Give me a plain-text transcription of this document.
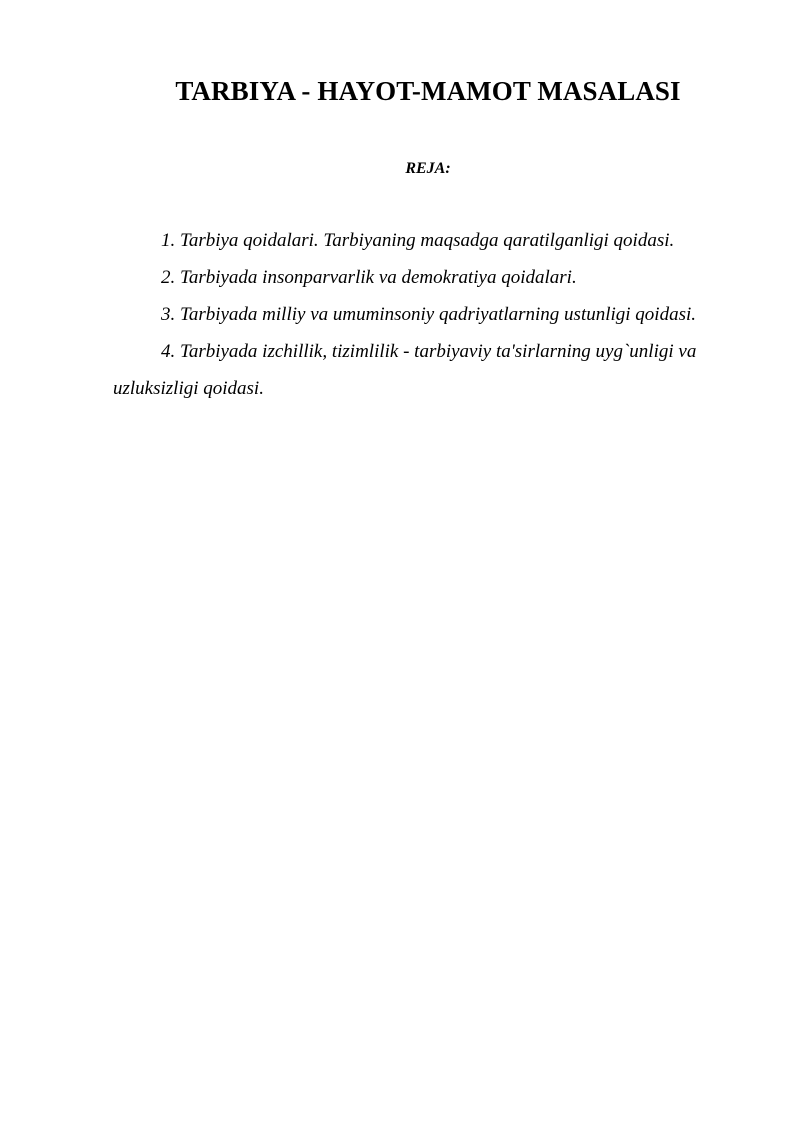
TARBIYA - HAYOT-MAMOT MASALASI
REJA:
1. Tarbiya qoidalari. Tarbiyaning maqsadga qaratilganligi qoidasi.
2. Tarbiyada insonparvarlik va demokratiya qoidalari.
3. Tarbiyada milliy va umuminsoniy qadriyatlarning ustunligi qoidasi.
4. Tarbiyada izchillik, tizimlilik - tarbiyaviy ta'sirlarning uyg`unligi va uzluksizligi qoidasi.
